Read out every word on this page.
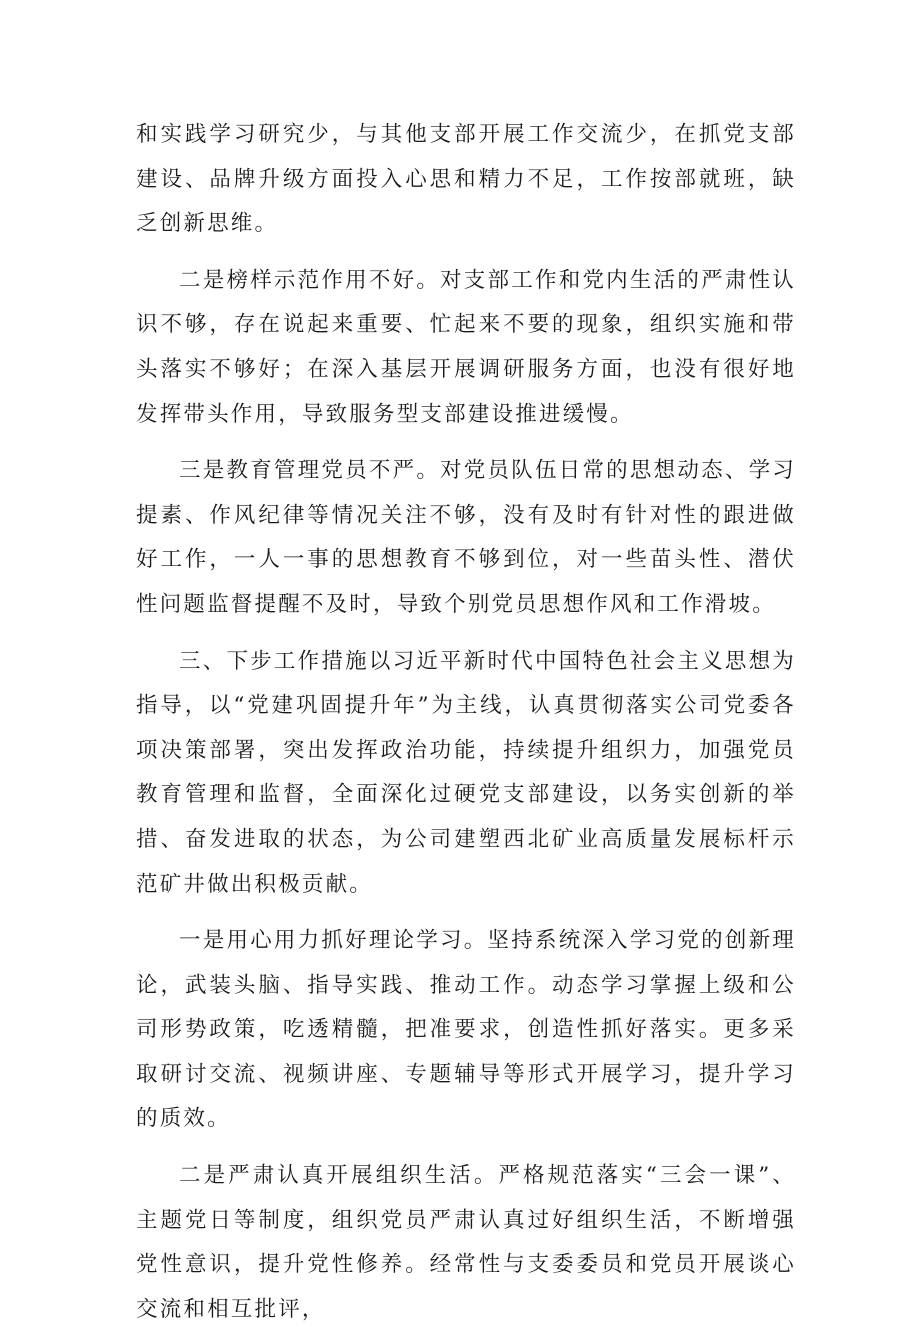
和实践学习研究少，与其他支部开展工作交流少，在抓党支部建设、品牌升级方面投入心思和精力不足，工作按部就班，缺乏创新思维。

二是榜样示范作用不好。对支部工作和党内生活的严肃性认识不够，存在说起来重要、忙起来不要的现象，组织实施和带头落实不够好；在深入基层开展调研服务方面，也没有很好地发挥带头作用，导致服务型支部建设推进缓慢。

三是教育管理党员不严。对党员队伍日常的思想动态、学习提素、作风纪律等情况关注不够，没有及时有针对性的跟进做好工作，一人一事的思想教育不够到位，对一些苗头性、潜伏性问题监督提醒不及时，导致个别党员思想作风和工作滑坡。

三、下步工作措施以习近平新时代中国特色社会主义思想为指导，以“党建巩固提升年”为主线，认真贯彻落实公司党委各项决策部署，突出发挥政治功能，持续提升组织力，加强党员教育管理和监督，全面深化过硬党支部建设，以务实创新的举措、奋发进取的状态，为公司建塑西北矿业高质量发展标杆示范矿井做出积极贡献。

一是用心用力抓好理论学习。坚持系统深入学习党的创新理论，武装头脑、指导实践、推动工作。动态学习掌握上级和公司形势政策，吃透精髓，把准要求，创造性抓好落实。更多采取研讨交流、视频讲座、专题辅导等形式开展学习，提升学习的质效。

二是严肃认真开展组织生活。严格规范落实“三会一课”、主题党日等制度，组织党员严肃认真过好组织生活，不断增强党性意识，提升党性修养。经常性与支委委员和党员开展谈心交流和相互批评，
